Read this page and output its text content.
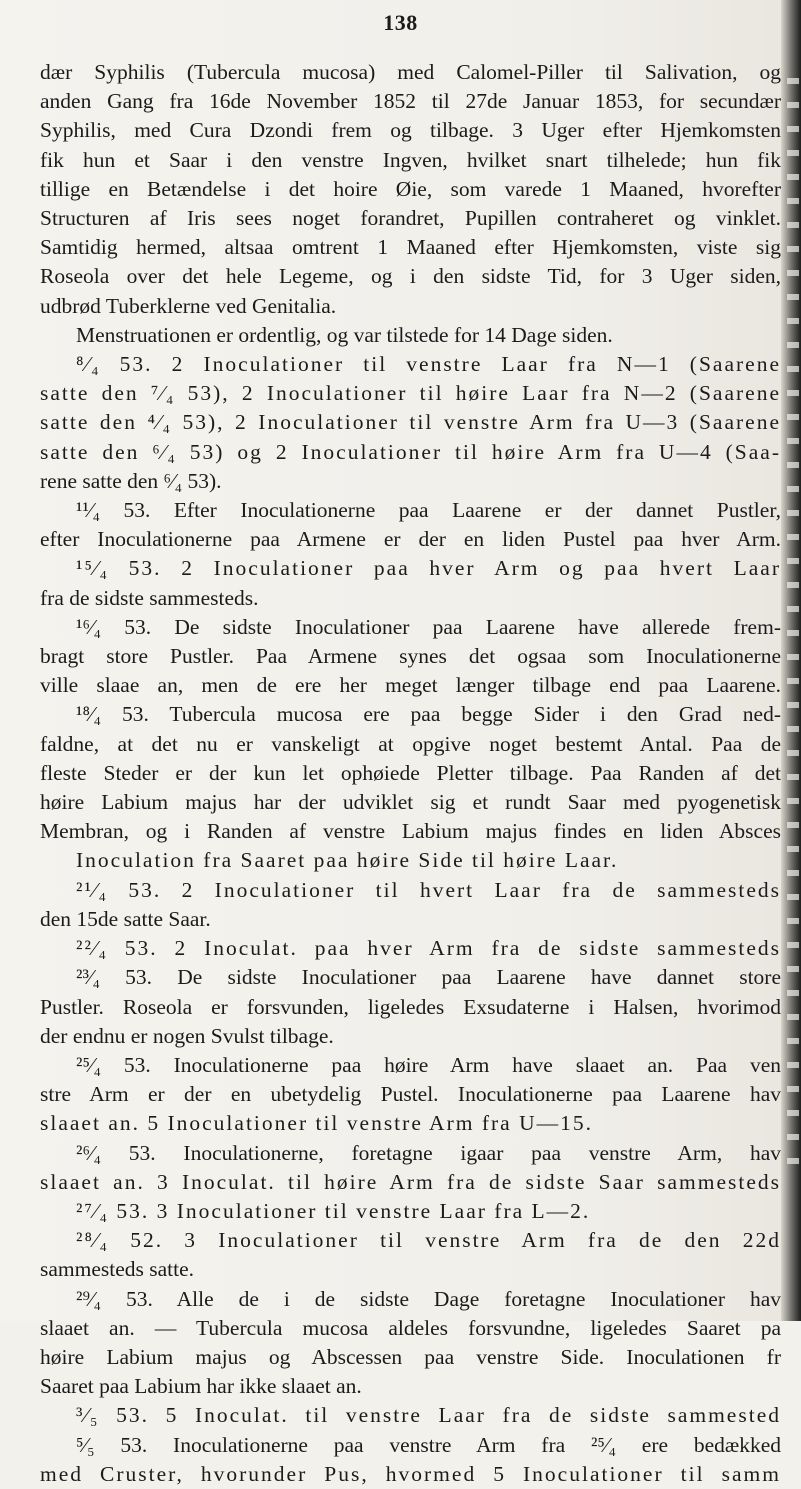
138
dær Syphilis (Tubercula mucosa) med Calomel-Piller til Salivation, og
anden Gang fra 16de November 1852 til 27de Januar 1853, for secundær
Syphilis, med Cura Dzondi frem og tilbage. 3 Uger efter Hjemkomsten
fik hun et Saar i den venstre Ingven, hvilket snart tilhelede; hun fik
tillige en Betændelse i det hoire Øie, som varede 1 Maaned, hvorefter
Structuren af Iris sees noget forandret, Pupillen contraheret og vinklet.
Samtidig hermed, altsaa omtrent 1 Maaned efter Hjemkomsten, viste sig
Roseola over det hele Legeme, og i den sidste Tid, for 3 Uger siden,
udbrød Tuberklerne ved Genitalia.
Menstruationen er ordentlig, og var tilstede for 14 Dage siden.
⁸⁄₄ 53. 2 Inoculationer til venstre Laar fra N—1 (Saarene
satte den ⁷⁄₄ 53), 2 Inoculationer til høire Laar fra N—2 (Saarene
satte den ⁴⁄₄ 53), 2 Inoculationer til venstre Arm fra U—3 (Saarene
satte den ⁶⁄₄ 53) og 2 Inoculationer til høire Arm fra U—4 (Saa-
rene satte den ⁶⁄₄ 53).
¹¹⁄₄ 53. Efter Inoculationerne paa Laarene er der dannet Pustler,
efter Inoculationerne paa Armene er der en liden Pustel paa hver Arm.
¹⁵⁄₄ 53. 2 Inoculationer paa hver Arm og paa hvert Laar
fra de sidste sammesteds.
¹⁶⁄₄ 53. De sidste Inoculationer paa Laarene have allerede frem-
bragt store Pustler. Paa Armene synes det ogsaa som Inoculationerne
ville slaae an, men de ere her meget længer tilbage end paa Laarene.
¹⁸⁄₄ 53. Tubercula mucosa ere paa begge Sider i den Grad ned-
faldne, at det nu er vanskeligt at opgive noget bestemt Antal. Paa de
fleste Steder er der kun let ophøiede Pletter tilbage. Paa Randen af det
høire Labium majus har der udviklet sig et rundt Saar med pyogenetisk
Membran, og i Randen af venstre Labium majus findes en liden Absces
Inoculation fra Saaret paa høire Side til høire Laar.
²¹⁄₄ 53. 2 Inoculationer til hvert Laar fra de sammesteds
den 15de satte Saar.
²²⁄₄ 53. 2 Inoculat. paa hver Arm fra de sidste sammesteds
²³⁄₄ 53. De sidste Inoculationer paa Laarene have dannet store
Pustler. Roseola er forsvunden, ligeledes Exsudaterne i Halsen, hvorimod
der endnu er nogen Svulst tilbage.
²⁵⁄₄ 53. Inoculationerne paa høire Arm have slaaet an. Paa ven
stre Arm er der en ubetydelig Pustel. Inoculationerne paa Laarene hav
slaaet an. 5 Inoculationer til venstre Arm fra U—15.
²⁶⁄₄ 53. Inoculationerne, foretagne igaar paa venstre Arm, hav
slaaet an. 3 Inoculat. til høire Arm fra de sidste Saar sammesteds
²⁷⁄₄ 53. 3 Inoculationer til venstre Laar fra L—2.
²⁸⁄₄ 52. 3 Inoculationer til venstre Arm fra de den 22d
sammesteds satte.
²⁹⁄₄ 53. Alle de i de sidste Dage foretagne Inoculationer hav
slaaet an. — Tubercula mucosa aldeles forsvundne, ligeledes Saaret pa
høire Labium majus og Abscessen paa venstre Side. Inoculationen fr
Saaret paa Labium har ikke slaaet an.
³⁄₅ 53. 5 Inoculat. til venstre Laar fra de sidste sammested
⁵⁄₅ 53. Inoculationerne paa venstre Arm fra ²⁵⁄₄ ere bedækked
med Cruster, hvorunder Pus, hvormed 5 Inoculationer til samm
